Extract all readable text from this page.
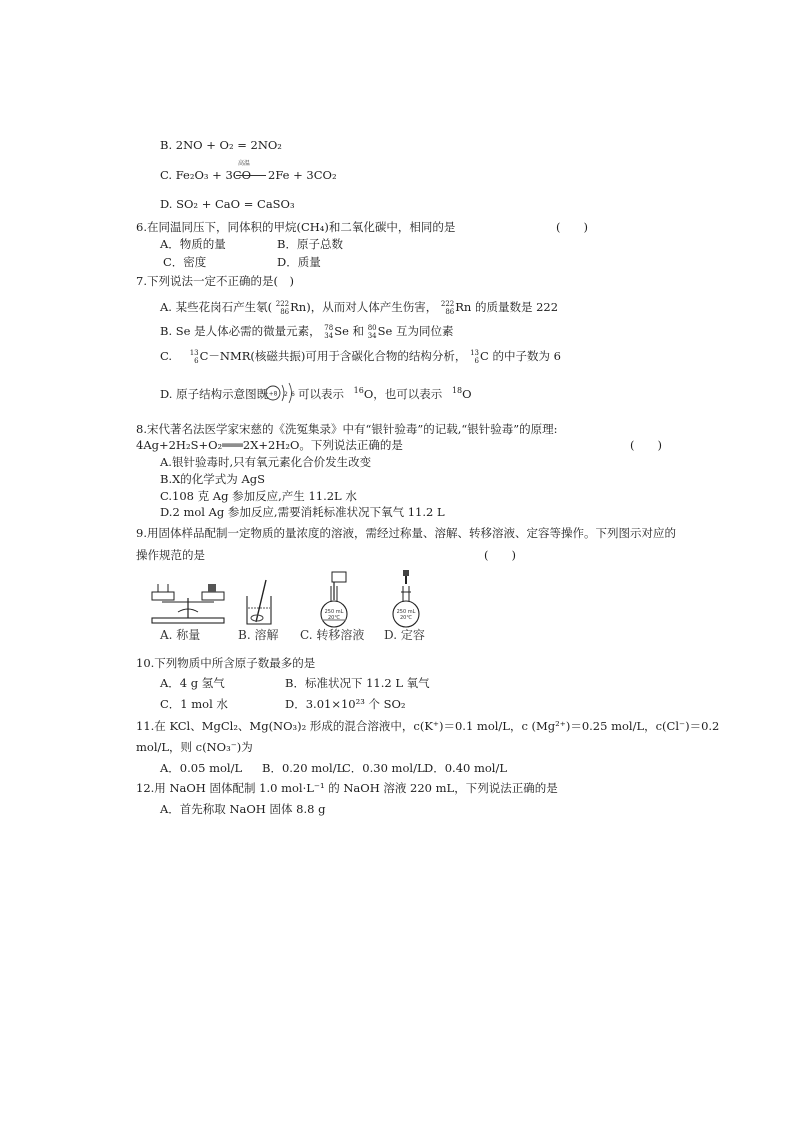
B. 2NO + O₂ = 2NO₂
C. Fe₂O₃ + 3CO
高温
2Fe + 3CO₂
D. SO₂ + CaO = CaSO₃
6.在同温同压下，同体积的甲烷(CH₄)和二氧化碳中，相同的是	(　　)
A．物质的量	B．原子总数
C．密度	D．质量
7.下列说法一定不正确的是(　)
A. 某些花岗石产生氡( 222
86 Rn)，从而对人体产生伤害， 222
86 Rn 的质量数是 222
B. Se 是人体必需的微量元素， 78
34 Se 和 80
34 Se 互为同位素
C.	13
6 C－NMR(核磁共振)可用于含碳化合物的结构分析， 13
6 C 的中子数为 6
D. 原子结构示意图既 +8 2 6 可以表示 $^{16}$O，也可以表示 $^{18}$O
8.宋代著名法医学家宋慈的《洗冤集录》中有“银针验毒”的记载,“银针验毒”的原理:
4Ag+2H₂S+O₂═══2X+2H₂O。下列说法正确的是	(　　)
A.银针验毒时,只有氧元素化合价发生改变
B.X的化学式为 AgS
C.108 克 Ag 参加反应,产生 11.2L 水
D.2 mol Ag 参加反应,需要消耗标准状况下氧气 11.2 L
9.用固体样品配制一定物质的量浓度的溶液，需经过称量、溶解、转移溶液、定容等操作。下列图示对应的
操作规范的是	(　　)
250 mL
20℃
250 mL
20℃
A. 称量	B. 溶解 C. 转移溶液 D. 定容
10.下列物质中所含原子数最多的是
A．4 g 氢气	B．标准状况下 11.2 L 氧气
C．1 mol 水	D．3.01×10²³ 个 SO₂
11.在 KCl、MgCl₂、Mg(NO₃)₂ 形成的混合溶液中，c(K⁺)＝0.1 mol/L，c (Mg²⁺)＝0.25 mol/L，c(Cl⁻)＝0.2
mol/L，则 c(NO₃⁻)为
A．0.05 mol/L B．0.20 mol/L
C．0.30 mol/L D．0.40 mol/L
12.用 NaOH 固体配制 1.0 mol·L⁻¹ 的 NaOH 溶液 220 mL，下列说法正确的是
A．首先称取 NaOH 固体 8.8 g
